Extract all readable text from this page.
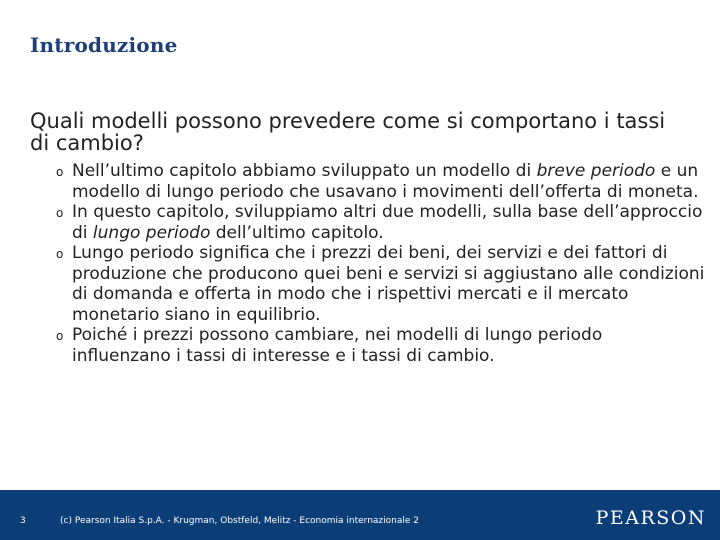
Introduzione
Quali modelli possono prevedere come si comportano i tassi di cambio?
o Nell’ultimo capitolo abbiamo sviluppato un modello di breve periodo e un modello di lungo periodo che usavano i movimenti dell’offerta di moneta.
o In questo capitolo, sviluppiamo altri due modelli, sulla base dell’approccio di lungo periodo dell’ultimo capitolo.
o Lungo periodo significa che i prezzi dei beni, dei servizi e dei fattori di produzione che producono quei beni e servizi si aggiustano alle condizioni di domanda e offerta in modo che i rispettivi mercati e il mercato monetario siano in equilibrio.
o Poiché i prezzi possono cambiare, nei modelli di lungo periodo influenzano i tassi di interesse e i tassi di cambio.
3	(c) Pearson Italia S.p.A. - Krugman, Obstfeld, Melitz - Economia internazionale 2	PEARSON
